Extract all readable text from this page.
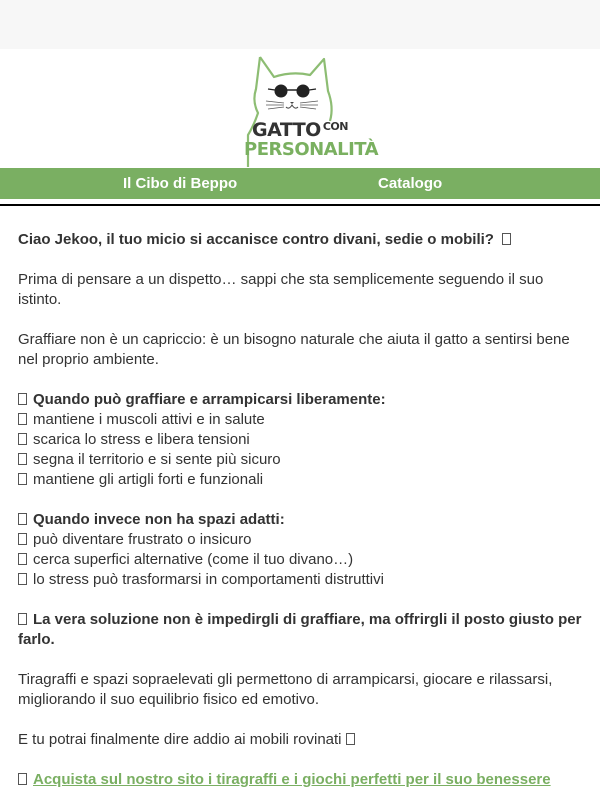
GATTO $^{CON}$
PERSONALITÀ
Il Cibo di Beppo	Catalogo

Ciao Jekoo, il tuo micio si accanisce contro divani, sedie o mobili?

Prima di pensare a un dispetto… sappi che sta semplicemente seguendo il suo istinto.

Graffiare non è un capriccio: è un bisogno naturale che aiuta il gatto a sentirsi bene nel proprio ambiente.

Quando può graffiare e arrampicarsi liberamente:
mantiene i muscoli attivi e in salute
scarica lo stress e libera tensioni
segna il territorio e si sente più sicuro
mantiene gli artigli forti e funzionali

Quando invece non ha spazi adatti:
può diventare frustrato o insicuro
cerca superfici alternative (come il tuo divano…)
lo stress può trasformarsi in comportamenti distruttivi

La vera soluzione non è impedirgli di graffiare, ma offrirgli il posto giusto per farlo.

Tiragraffi e spazi sopraelevati gli permettono di arrampicarsi, giocare e rilassarsi, migliorando il suo equilibrio fisico ed emotivo.

E tu potrai finalmente dire addio ai mobili rovinati

Acquista sul nostro sito i tiragraffi e i giochi perfetti per il suo benessere
